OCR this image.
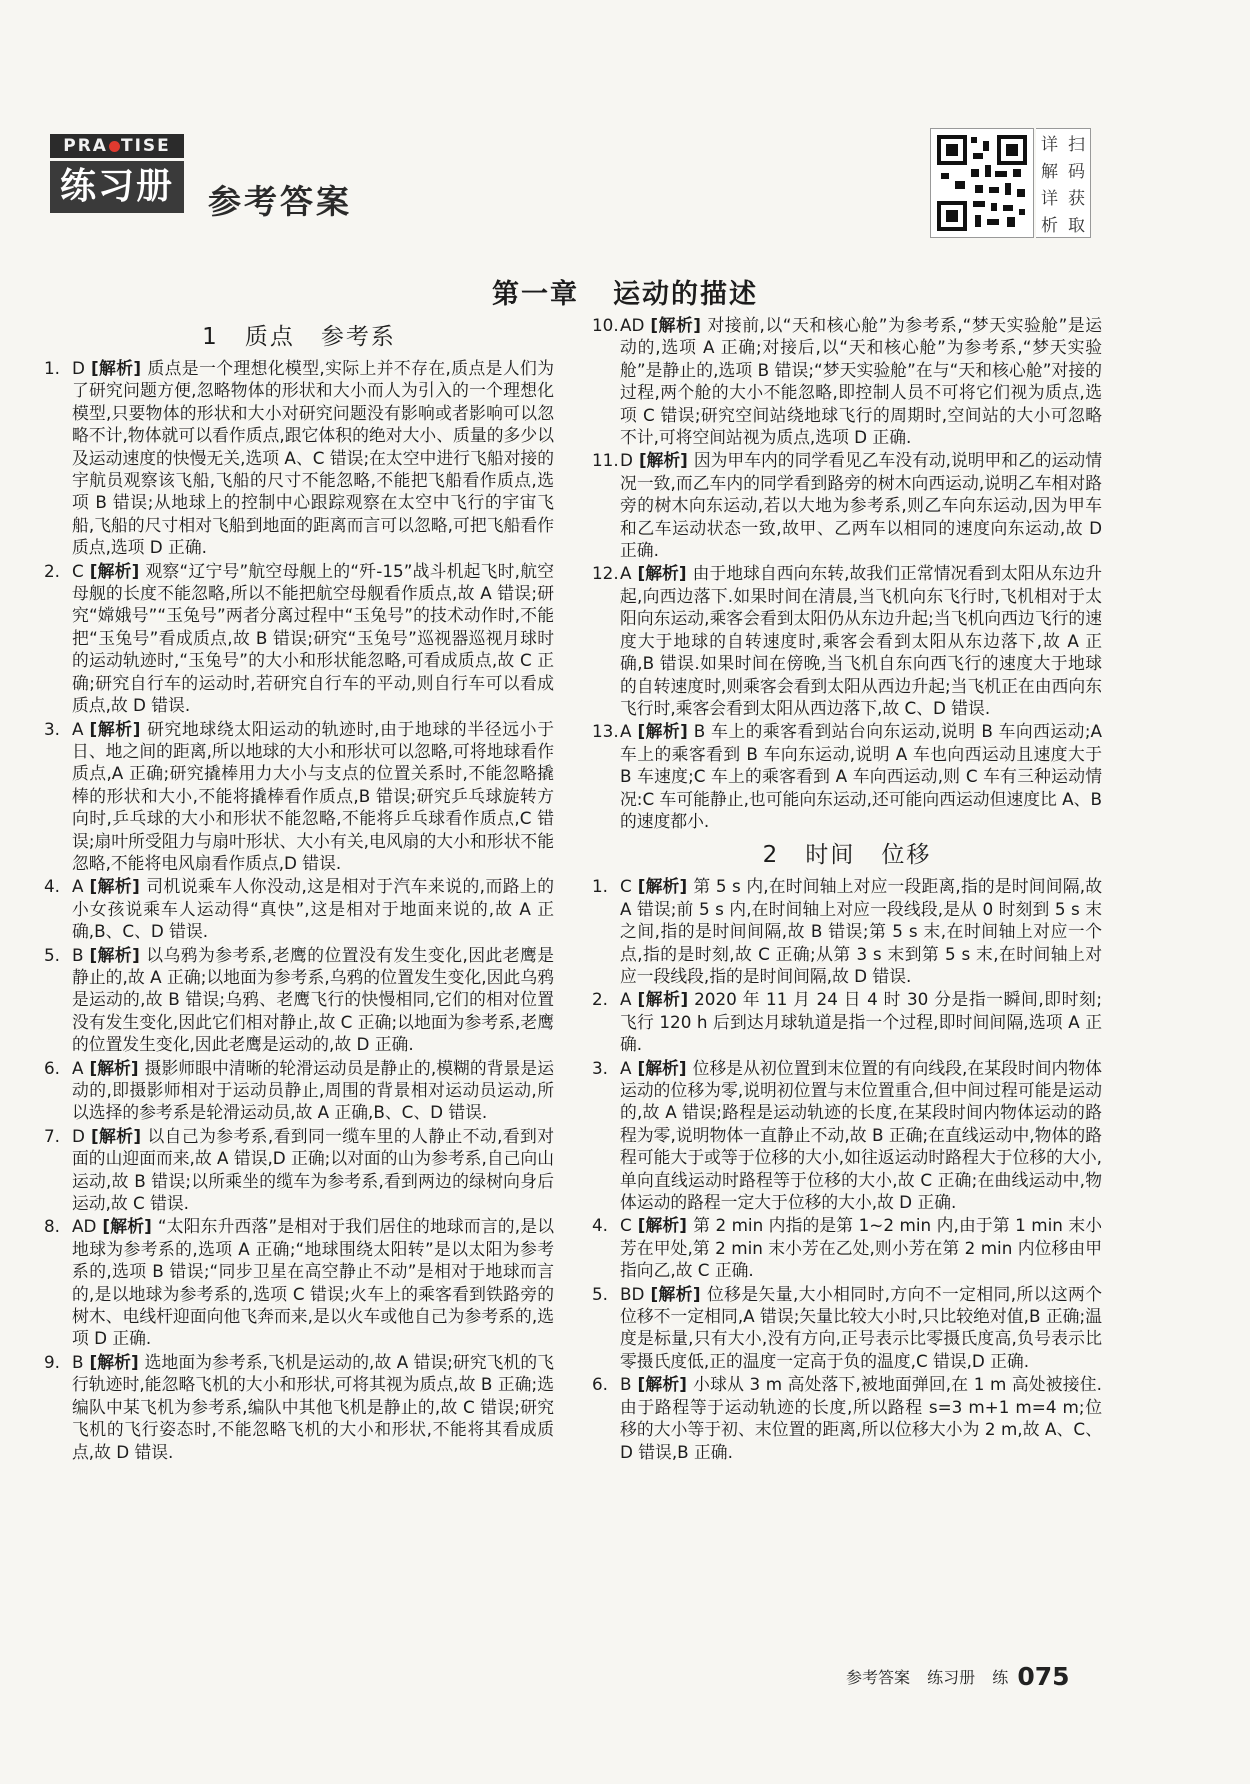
PRA TISE
练习册	参考答案
详 扫
解 码
详 获
析 取
第一章 运动的描述
1 质点 参考系
1. D [解析] 质点是一个理想化模型,实际上并不存在,质点是人们为了研究问题方便,忽略物体的形状和大小而人为引入的一个理想化模型,只要物体的形状和大小对研究问题没有影响或者影响可以忽略不计,物体就可以看作质点,跟它体积的绝对大小、质量的多少以及运动速度的快慢无关,选项 A、C 错误;在太空中进行飞船对接的宇航员观察该飞船,飞船的尺寸不能忽略,不能把飞船看作质点,选项 B 错误;从地球上的控制中心跟踪观察在太空中飞行的宇宙飞船,飞船的尺寸相对飞船到地面的距离而言可以忽略,可把飞船看作质点,选项 D 正确.
2. C [解析] 观察“辽宁号”航空母舰上的“歼-15”战斗机起飞时,航空母舰的长度不能忽略,所以不能把航空母舰看作质点,故 A 错误;研究“嫦娥号”“玉兔号”两者分离过程中“玉兔号”的技术动作时,不能把“玉兔号”看成质点,故 B 错误;研究“玉兔号”巡视器巡视月球时的运动轨迹时,“玉兔号”的大小和形状能忽略,可看成质点,故 C 正确;研究自行车的运动时,若研究自行车的平动,则自行车可以看成质点,故 D 错误.
3. A [解析] 研究地球绕太阳运动的轨迹时,由于地球的半径远小于日、地之间的距离,所以地球的大小和形状可以忽略,可将地球看作质点,A 正确;研究撬棒用力大小与支点的位置关系时,不能忽略撬棒的形状和大小,不能将撬棒看作质点,B 错误;研究乒乓球旋转方向时,乒乓球的大小和形状不能忽略,不能将乒乓球看作质点,C 错误;扇叶所受阻力与扇叶形状、大小有关,电风扇的大小和形状不能忽略,不能将电风扇看作质点,D 错误.
4. A [解析] 司机说乘车人你没动,这是相对于汽车来说的,而路上的小女孩说乘车人运动得“真快”,这是相对于地面来说的,故 A 正确,B、C、D 错误.
5. B [解析] 以乌鸦为参考系,老鹰的位置没有发生变化,因此老鹰是静止的,故 A 正确;以地面为参考系,乌鸦的位置发生变化,因此乌鸦是运动的,故 B 错误;乌鸦、老鹰飞行的快慢相同,它们的相对位置没有发生变化,因此它们相对静止,故 C 正确;以地面为参考系,老鹰的位置发生变化,因此老鹰是运动的,故 D 正确.
6. A [解析] 摄影师眼中清晰的轮滑运动员是静止的,模糊的背景是运动的,即摄影师相对于运动员静止,周围的背景相对运动员运动,所以选择的参考系是轮滑运动员,故 A 正确,B、C、D 错误.
7. D [解析] 以自己为参考系,看到同一缆车里的人静止不动,看到对面的山迎面而来,故 A 错误,D 正确;以对面的山为参考系,自己向山运动,故 B 错误;以所乘坐的缆车为参考系,看到两边的绿树向身后运动,故 C 错误.
8. AD [解析] “太阳东升西落”是相对于我们居住的地球而言的,是以地球为参考系的,选项 A 正确;“地球围绕太阳转”是以太阳为参考系的,选项 B 错误;“同步卫星在高空静止不动”是相对于地球而言的,是以地球为参考系的,选项 C 错误;火车上的乘客看到铁路旁的树木、电线杆迎面向他飞奔而来,是以火车或他自己为参考系的,选项 D 正确.
9. B [解析] 选地面为参考系,飞机是运动的,故 A 错误;研究飞机的飞行轨迹时,能忽略飞机的大小和形状,可将其视为质点,故 B 正确;选编队中某飞机为参考系,编队中其他飞机是静止的,故 C 错误;研究飞机的飞行姿态时,不能忽略飞机的大小和形状,不能将其看成质点,故 D 错误.
10.AD [解析] 对接前,以“天和核心舱”为参考系,“梦天实验舱”是运动的,选项 A 正确;对接后,以“天和核心舱”为参考系,“梦天实验舱”是静止的,选项 B 错误;“梦天实验舱”在与“天和核心舱”对接的过程,两个舱的大小不能忽略,即控制人员不可将它们视为质点,选项 C 错误;研究空间站绕地球飞行的周期时,空间站的大小可忽略不计,可将空间站视为质点,选项 D 正确.
11.D [解析] 因为甲车内的同学看见乙车没有动,说明甲和乙的运动情况一致,而乙车内的同学看到路旁的树木向西运动,说明乙车相对路旁的树木向东运动,若以大地为参考系,则乙车向东运动,因为甲车和乙车运动状态一致,故甲、乙两车以相同的速度向东运动,故 D 正确.
12.A [解析] 由于地球自西向东转,故我们正常情况看到太阳从东边升起,向西边落下.如果时间在清晨,当飞机向东飞行时,飞机相对于太阳向东运动,乘客会看到太阳仍从东边升起;当飞机向西边飞行的速度大于地球的自转速度时,乘客会看到太阳从东边落下,故 A 正确,B 错误.如果时间在傍晚,当飞机自东向西飞行的速度大于地球的自转速度时,则乘客会看到太阳从西边升起;当飞机正在由西向东飞行时,乘客会看到太阳从西边落下,故 C、D 错误.
13.A [解析] B 车上的乘客看到站台向东运动,说明 B 车向西运动;A 车上的乘客看到 B 车向东运动,说明 A 车也向西运动且速度大于 B 车速度;C 车上的乘客看到 A 车向西运动,则 C 车有三种运动情况:C 车可能静止,也可能向东运动,还可能向西运动但速度比 A、B 的速度都小.
2 时间 位移
1. C [解析] 第 5 s 内,在时间轴上对应一段距离,指的是时间间隔,故 A 错误;前 5 s 内,在时间轴上对应一段线段,是从 0 时刻到 5 s 末之间,指的是时间间隔,故 B 错误;第 5 s 末,在时间轴上对应一个点,指的是时刻,故 C 正确;从第 3 s 末到第 5 s 末,在时间轴上对应一段线段,指的是时间间隔,故 D 错误.
2. A [解析] 2020 年 11 月 24 日 4 时 30 分是指一瞬间,即时刻;飞行 120 h 后到达月球轨道是指一个过程,即时间间隔,选项 A 正确.
3. A [解析] 位移是从初位置到末位置的有向线段,在某段时间内物体运动的位移为零,说明初位置与末位置重合,但中间过程可能是运动的,故 A 错误;路程是运动轨迹的长度,在某段时间内物体运动的路程为零,说明物体一直静止不动,故 B 正确;在直线运动中,物体的路程可能大于或等于位移的大小,如往返运动时路程大于位移的大小,单向直线运动时路程等于位移的大小,故 C 正确;在曲线运动中,物体运动的路程一定大于位移的大小,故 D 正确.
4. C [解析] 第 2 min 内指的是第 1~2 min 内,由于第 1 min 末小芳在甲处,第 2 min 末小芳在乙处,则小芳在第 2 min 内位移由甲指向乙,故 C 正确.
5. BD [解析] 位移是矢量,大小相同时,方向不一定相同,所以这两个位移不一定相同,A 错误;矢量比较大小时,只比较绝对值,B 正确;温度是标量,只有大小,没有方向,正号表示比零摄氏度高,负号表示比零摄氏度低,正的温度一定高于负的温度,C 错误,D 正确.
6. B [解析] 小球从 3 m 高处落下,被地面弹回,在 1 m 高处被接住.由于路程等于运动轨迹的长度,所以路程 s=3 m+1 m=4 m;位移的大小等于初、末位置的距离,所以位移大小为 2 m,故 A、C、D 错误,B 正确.
参考答案 练习册 练 075
